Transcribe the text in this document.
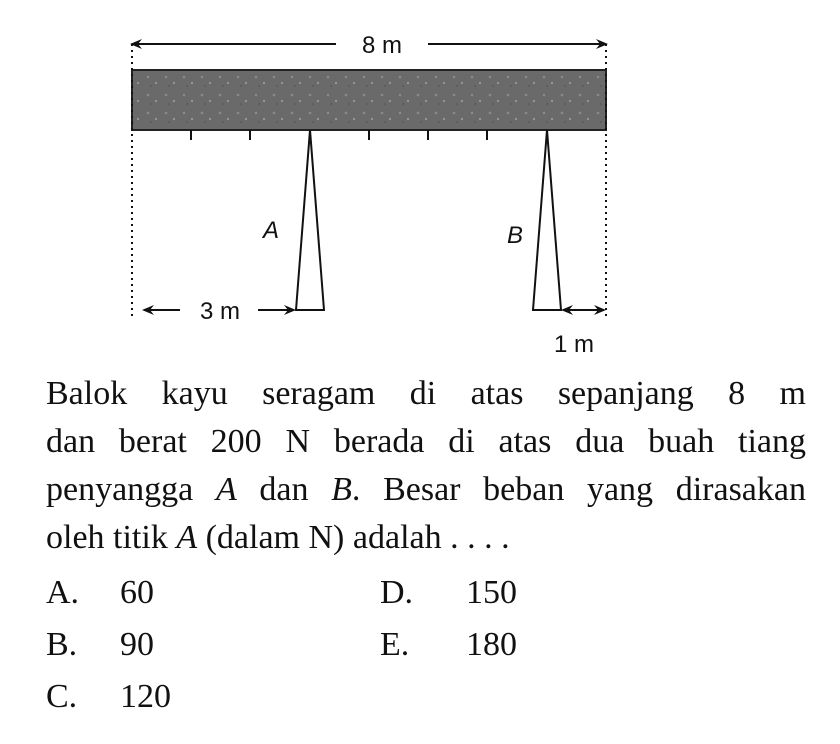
8 m
A	B
3 m
1 m
Balok kayu seragam di atas sepanjang 8 m
dan berat 200 N berada di atas dua buah tiang
penyangga A dan B. Besar beban yang dirasakan
oleh titik A (dalam N) adalah . . . .
A. 60
B. 90
C. 120
D. 150
E. 180
